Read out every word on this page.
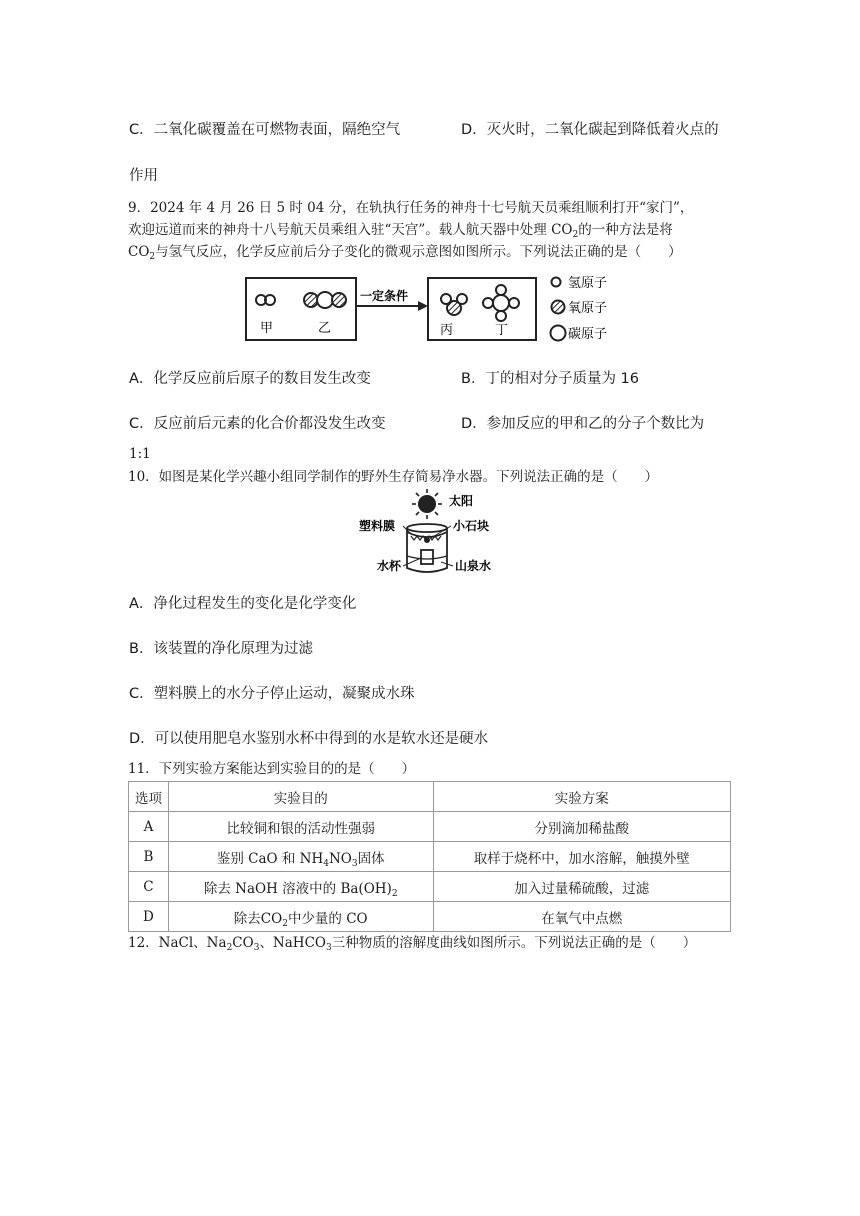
C．二氧化碳覆盖在可燃物表面，隔绝空气	D．灭火时，二氧化碳起到降低着火点的
作用
9．2024 年 4 月 26 日 5 时 04 分，在轨执行任务的神舟十七号航天员乘组顺利打开“家门”，
欢迎远道而来的神舟十八号航天员乘组入驻“天宫”。载人航天器中处理 $CO_2$的一种方法是将
$CO_2$与氢气反应，化学反应前后分子变化的微观示意图如图所示。下列说法正确的是（　　）
甲	乙
一定条件
丙	丁
氢原子
氧原子
碳原子
A．化学反应前后原子的数目发生改变	B．丁的相对分子质量为 16
C．反应前后元素的化合价都没发生改变	D．参加反应的甲和乙的分子个数比为
1:1
10．如图是某化学兴趣小组同学制作的野外生存简易净水器。下列说法正确的是（　　）
太阳
塑料膜	小石块
水杯	山泉水
A．净化过程发生的变化是化学变化
B．该装置的净化原理为过滤
C．塑料膜上的水分子停止运动，凝聚成水珠
D．可以使用肥皂水鉴别水杯中得到的水是软水还是硬水
11．下列实验方案能达到实验目的的是（　　）
选项	实验目的	实验方案
A	比较铜和银的活动性强弱	分别滴加稀盐酸
B	鉴别 CaO 和 $NH_4NO_3$固体	取样于烧杯中，加水溶解，触摸外壁
C	除去 NaOH 溶液中的 $Ba(OH)_2$	加入过量稀硫酸，过滤
D	除去$CO_2$中少量的 CO	在氧气中点燃
12．NaCl、$Na_2CO_3$、NaHCO$_3$三种物质的溶解度曲线如图所示。下列说法正确的是（　　）
